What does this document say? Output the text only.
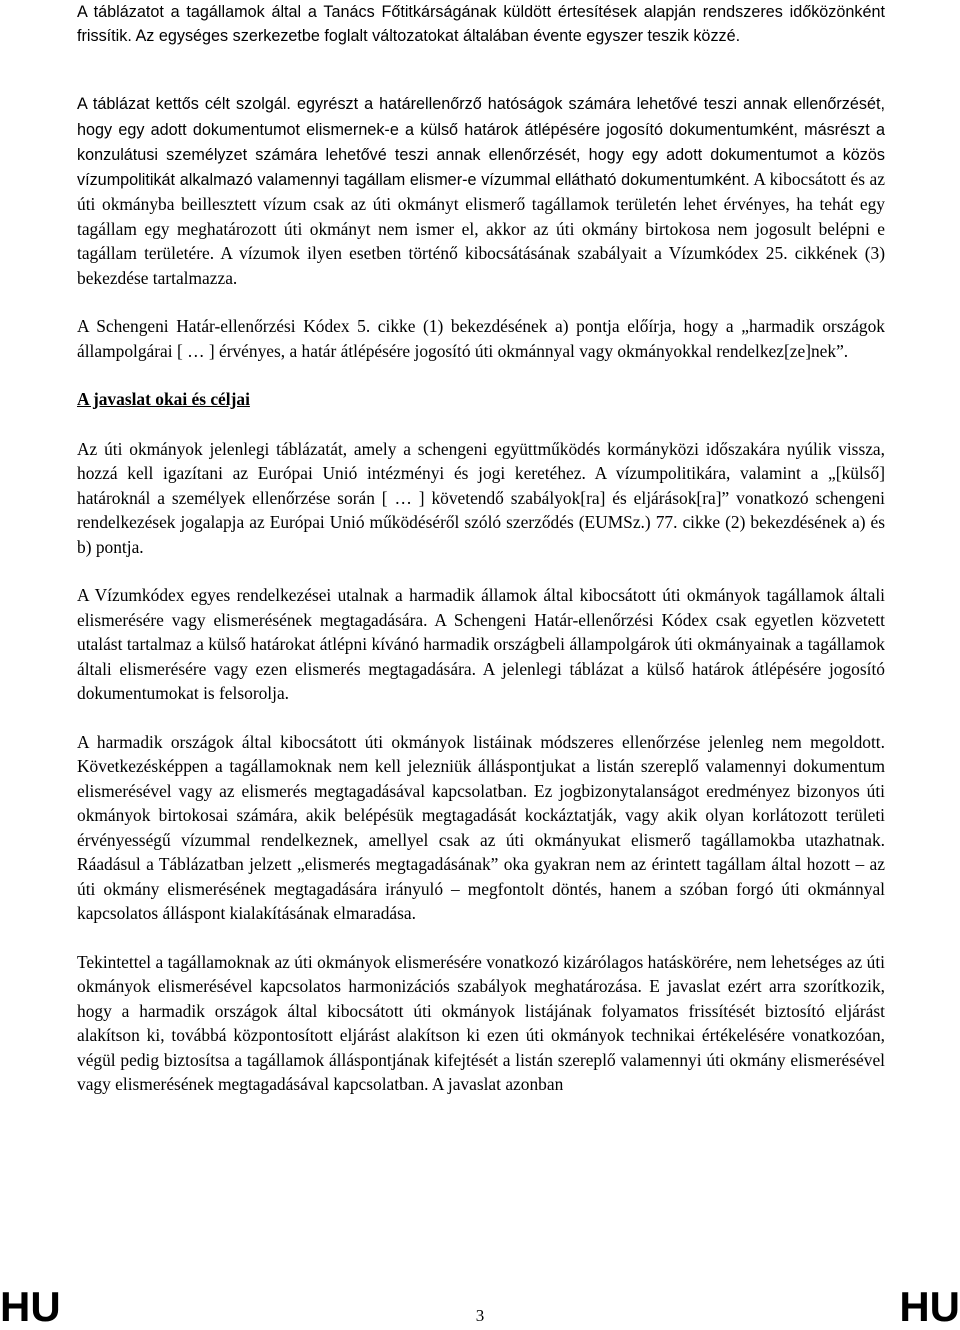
A táblázatot a tagállamok által a Tanács Főtitkárságának küldött értesítések alapján rendszeres időközönként frissítik. Az egységes szerkezetbe foglalt változatokat általában évente egyszer teszik közzé.

A táblázat kettős célt szolgál. egyrészt a határellenőrző hatóságok számára lehetővé teszi annak ellenőrzését, hogy egy adott dokumentumot elismernek-e a külső határok átlépésére jogosító dokumentumként, másrészt a konzulátusi személyzet számára lehetővé teszi annak ellenőrzését, hogy egy adott dokumentumot a közös vízumpolitikát alkalmazó valamennyi tagállam elismer-e vízummal ellátható dokumentumként. A kibocsátott és az úti okmányba beillesztett vízum csak az úti okmányt elismerő tagállamok területén lehet érvényes, ha tehát egy tagállam egy meghatározott úti okmányt nem ismer el, akkor az úti okmány birtokosa nem jogosult belépni e tagállam területére. A vízumok ilyen esetben történő kibocsátásának szabályait a Vízumkódex 25. cikkének (3) bekezdése tartalmazza.

A Schengeni Határ-ellenőrzési Kódex 5. cikke (1) bekezdésének a) pontja előírja, hogy a „harmadik országok állampolgárai [ … ] érvényes, a határ átlépésére jogosító úti okmánnyal vagy okmányokkal rendelkez[ze]nek”.

A javaslat okai és céljai

Az úti okmányok jelenlegi táblázatát, amely a schengeni együttműködés kormányközi időszakára nyúlik vissza, hozzá kell igazítani az Európai Unió intézményi és jogi keretéhez. A vízumpolitikára, valamint a „[külső] határoknál a személyek ellenőrzése során [ … ] követendő szabályok[ra] és eljárások[ra]” vonatkozó schengeni rendelkezések jogalapja az Európai Unió működéséről szóló szerződés (EUMSz.) 77. cikke (2) bekezdésének a) és b) pontja.

A Vízumkódex egyes rendelkezései utalnak a harmadik államok által kibocsátott úti okmányok tagállamok általi elismerésére vagy elismerésének megtagadására. A Schengeni Határ-ellenőrzési Kódex csak egyetlen közvetett utalást tartalmaz a külső határokat átlépni kívánó harmadik országbeli állampolgárok úti okmányainak a tagállamok általi elismerésére vagy ezen elismerés megtagadására. A jelenlegi táblázat a külső határok átlépésére jogosító dokumentumokat is felsorolja.

A harmadik országok által kibocsátott úti okmányok listáinak módszeres ellenőrzése jelenleg nem megoldott. Következésképpen a tagállamoknak nem kell jelezniük álláspontjukat a listán szereplő valamennyi dokumentum elismerésével vagy az elismerés megtagadásával kapcsolatban. Ez jogbizonytalanságot eredményez bizonyos úti okmányok birtokosai számára, akik belépésük megtagadását kockáztatják, vagy akik olyan korlátozott területi érvényességű vízummal rendelkeznek, amellyel csak az úti okmányukat elismerő tagállamokba utazhatnak. Ráadásul a Táblázatban jelzett „elismerés megtagadásának” oka gyakran nem az érintett tagállam által hozott – az úti okmány elismerésének megtagadására irányuló – megfontolt döntés, hanem a szóban forgó úti okmánnyal kapcsolatos álláspont kialakításának elmaradása.

Tekintettel a tagállamoknak az úti okmányok elismerésére vonatkozó kizárólagos hatáskörére, nem lehetséges az úti okmányok elismerésével kapcsolatos harmonizációs szabályok meghatározása. E javaslat ezért arra szorítkozik, hogy a harmadik országok által kibocsátott úti okmányok listájának folyamatos frissítését biztosító eljárást alakítson ki, továbbá központosított eljárást alakítson ki ezen úti okmányok technikai értékelésére vonatkozóan, végül pedig biztosítsa a tagállamok álláspontjának kifejtését a listán szereplő valamennyi úti okmány elismerésével vagy elismerésének megtagadásával kapcsolatban. A javaslat azonban

HU	3	HU
